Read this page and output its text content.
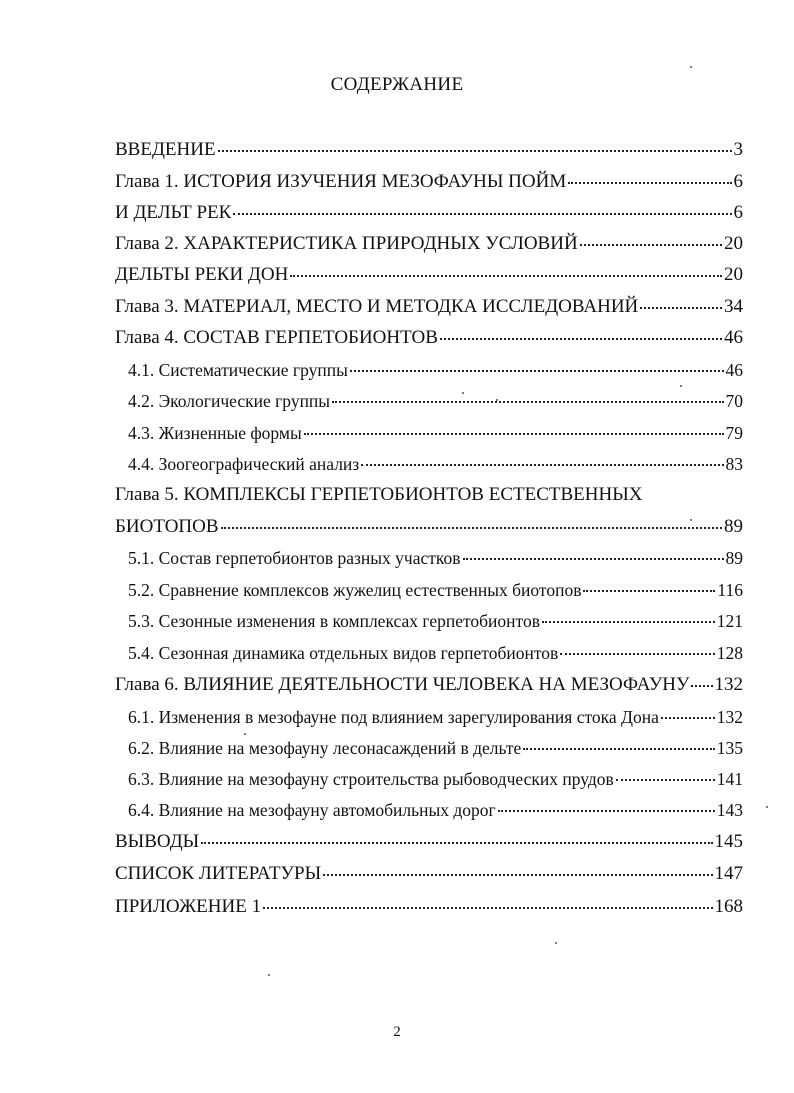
СОДЕРЖАНИЕ
ВВЕДЕНИЕ	3
Глава 1. ИСТОРИЯ ИЗУЧЕНИЯ МЕЗОФАУНЫ ПОЙМ	6
И ДЕЛЬТ РЕК	6
Глава 2. ХАРАКТЕРИСТИКА ПРИРОДНЫХ УСЛОВИЙ	20
ДЕЛЬТЫ РЕКИ ДОН	20
Глава 3. МАТЕРИАЛ, МЕСТО И МЕТОДКА ИССЛЕДОВАНИЙ	34
Глава 4. СОСТАВ ГЕРПЕТОБИОНТОВ	46
4.1. Систематические группы	46
4.2. Экологические группы	70
4.3. Жизненные формы	79
4.4. Зоогеографический анализ	83
Глава 5. КОМПЛЕКСЫ ГЕРПЕТОБИОНТОВ ЕСТЕСТВЕННЫХ
БИОТОПОВ	89
5.1. Состав герпетобионтов разных участков	89
5.2. Сравнение комплексов жужелиц естественных биотопов	116
5.3. Сезонные изменения в комплексах герпетобионтов	121
5.4. Сезонная динамика отдельных видов герпетобионтов	128
Глава 6. ВЛИЯНИЕ ДЕЯТЕЛЬНОСТИ ЧЕЛОВЕКА НА МЕЗОФАУНУ 132
6.1. Изменения в мезофауне под влиянием зарегулирования стока Дона	132
6.2. Влияние на мезофауну лесонасаждений в дельте	135
6.3. Влияние на мезофауну строительства рыбоводческих прудов	141
6.4. Влияние на мезофауну автомобильных дорог	143
ВЫВОДЫ	145
СПИСОК ЛИТЕРАТУРЫ	147
ПРИЛОЖЕНИЕ 1	168
2
